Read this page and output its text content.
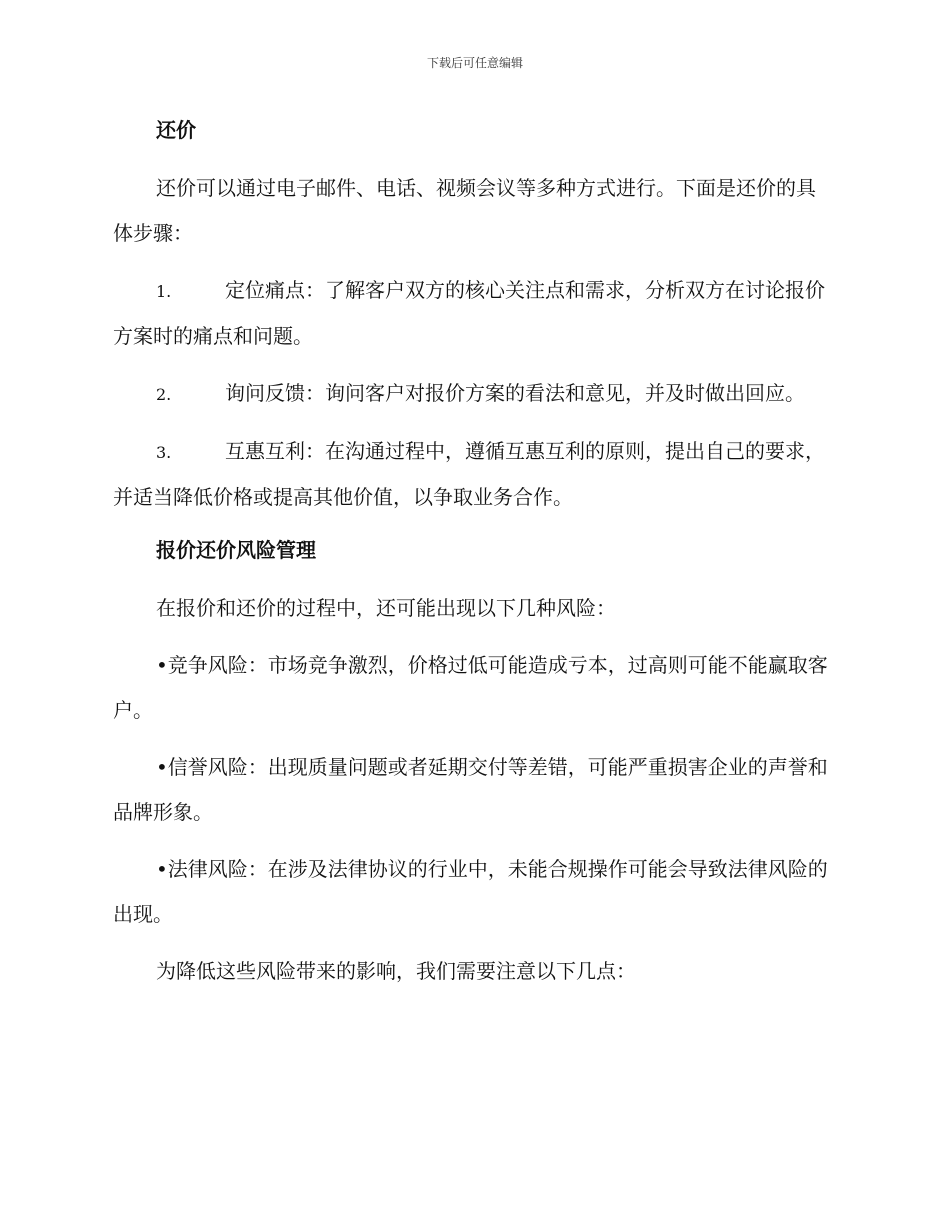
下载后可任意编辑
还价

还价可以通过电子邮件、电话、视频会议等多种方式进行。下面是还价的具体步骤：

1.	定位痛点：了解客户双方的核心关注点和需求，分析双方在讨论报价方案时的痛点和问题。

2.	询问反馈：询问客户对报价方案的看法和意见，并及时做出回应。

3.	互惠互利：在沟通过程中，遵循互惠互利的原则，提出自己的要求，并适当降低价格或提高其他价值，以争取业务合作。

报价还价风险管理

在报价和还价的过程中，还可能出现以下几种风险：

•竞争风险：市场竞争激烈，价格过低可能造成亏本，过高则可能不能赢取客户。

•信誉风险：出现质量问题或者延期交付等差错，可能严重损害企业的声誉和品牌形象。

•法律风险：在涉及法律协议的行业中，未能合规操作可能会导致法律风险的出现。

为降低这些风险带来的影响，我们需要注意以下几点：
